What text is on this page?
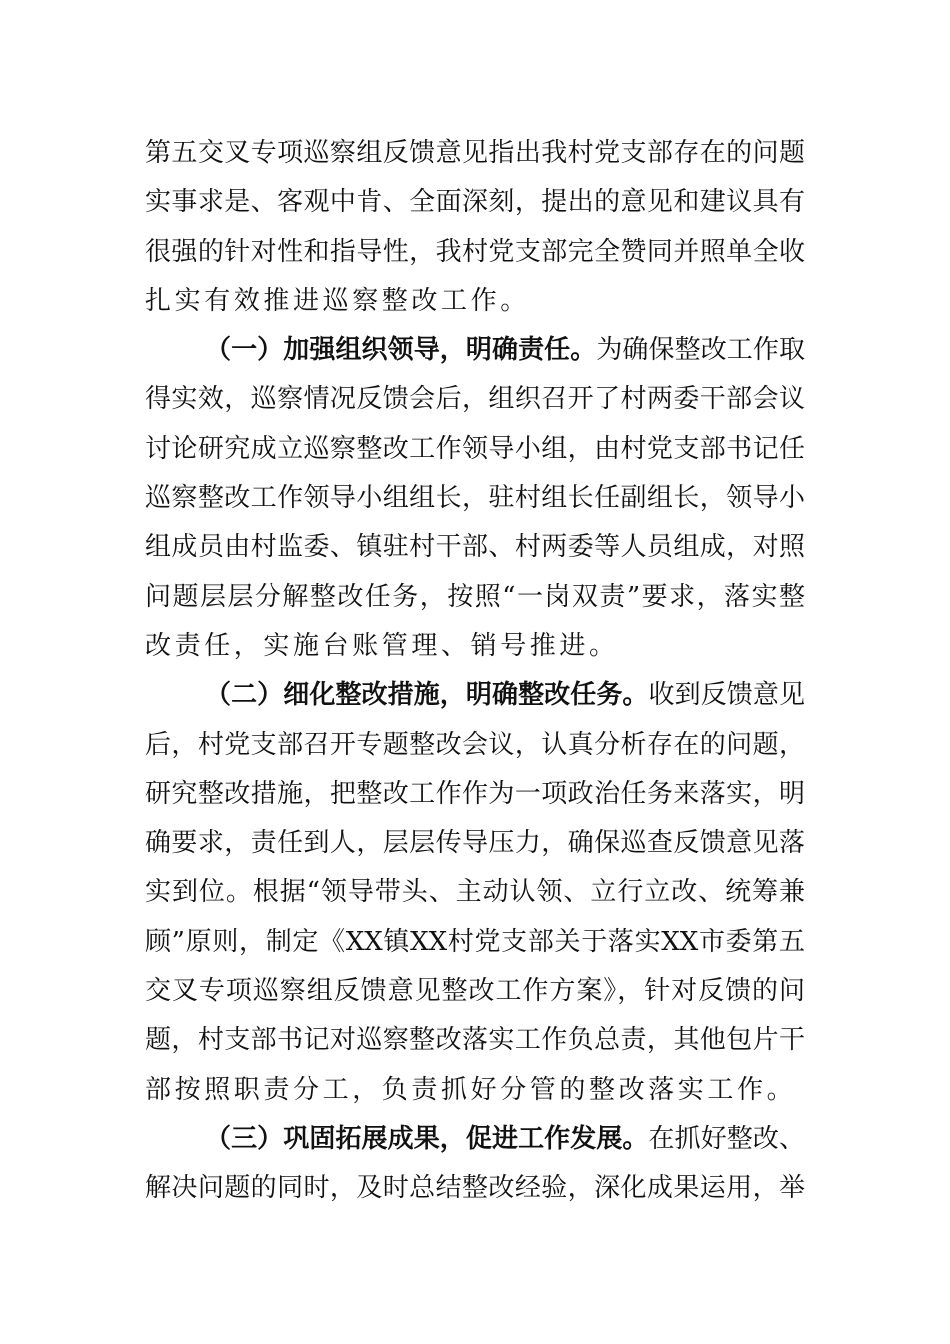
第五交叉专项巡察组反馈意见指出我村党支部存在的问题
实事求是、客观中肯、全面深刻，提出的意见和建议具有
很强的针对性和指导性，我村党支部完全赞同并照单全收
扎实有效推进巡察整改工作。
（一）加强组织领导，明确责任。为确保整改工作取
得实效，巡察情况反馈会后，组织召开了村两委干部会议
讨论研究成立巡察整改工作领导小组，由村党支部书记任
巡察整改工作领导小组组长，驻村组长任副组长，领导小
组成员由村监委、镇驻村干部、村两委等人员组成，对照
问题层层分解整改任务，按照“一岗双责”要求，落实整
改责任，实施台账管理、销号推进。
（二）细化整改措施，明确整改任务。收到反馈意见
后，村党支部召开专题整改会议，认真分析存在的问题，
研究整改措施，把整改工作作为一项政治任务来落实，明
确要求，责任到人，层层传导压力，确保巡查反馈意见落
实到位。根据“领导带头、主动认领、立行立改、统筹兼
顾”原则，制定《XX镇XX村党支部关于落实XX市委第五
交叉专项巡察组反馈意见整改工作方案》，针对反馈的问
题，村支部书记对巡察整改落实工作负总责，其他包片干
部按照职责分工，负责抓好分管的整改落实工作。
（三）巩固拓展成果，促进工作发展。在抓好整改、
解决问题的同时，及时总结整改经验，深化成果运用，举
